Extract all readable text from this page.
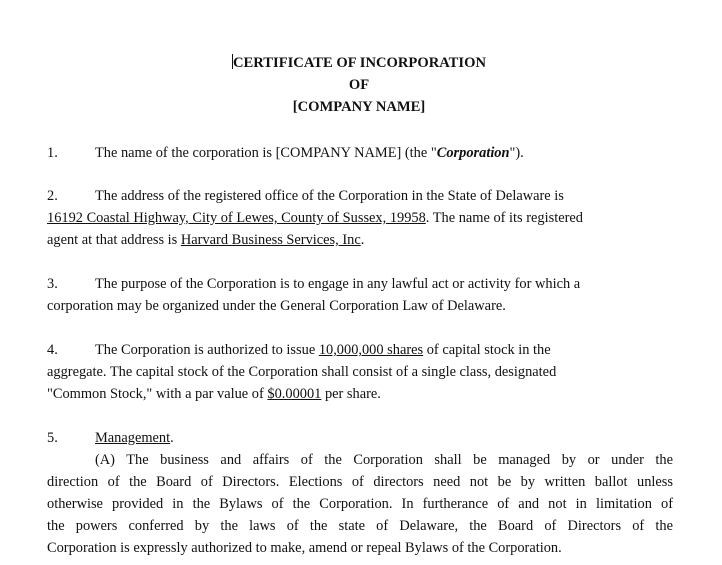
CERTIFICATE OF INCORPORATION
OF
[COMPANY NAME]
1.	The name of the corporation is [COMPANY NAME] (the "Corporation").
2.	The address of the registered office of the Corporation in the State of Delaware is
16192 Coastal Highway, City of Lewes, County of Sussex, 19958. The name of its registered
agent at that address is Harvard Business Services, Inc.
3.	The purpose of the Corporation is to engage in any lawful act or activity for which a
corporation may be organized under the General Corporation Law of Delaware.
4.	The Corporation is authorized to issue 10,000,000 shares of capital stock in the
aggregate. The capital stock of the Corporation shall consist of a single class, designated
"Common Stock," with a par value of $0.00001 per share.
5.	Management.
(A) The business and affairs of the Corporation shall be managed by or under the
direction of the Board of Directors. Elections of directors need not be by written ballot unless
otherwise provided in the Bylaws of the Corporation. In furtherance of and not in limitation of
the powers conferred by the laws of the state of Delaware, the Board of Directors of the
Corporation is expressly authorized to make, amend or repeal Bylaws of the Corporation.
